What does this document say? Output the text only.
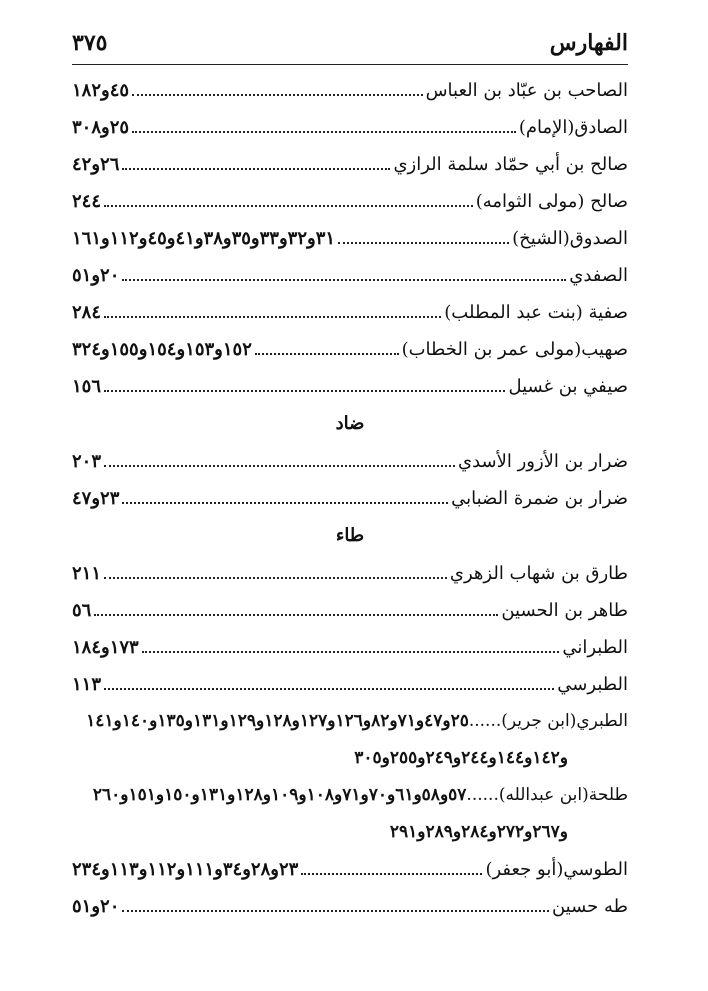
الفهارس
٣٧٥
الصاحب بن عبّاد بن العباس
٤٥و١٨٢
الصادق(الإمام)
٢٥و٣٠٨
صالح بن أبي حمّاد سلمة الرازي
٢٦و٤٢
صالح (مولى الثوامه)
٢٤٤
الصدوق(الشيخ)
٣١و٣٢و٣٣و٣٥و٣٨و٤١و٤٥و١١٢و١٦١
الصفدي
٢٠و٥١
صفية (بنت عبد المطلب)
٢٨٤
صهيب(مولى عمر بن الخطاب)
١٥٢و١٥٣و١٥٤و١٥٥و٣٢٤
صيفي بن غسيل
١٥٦
ضاد
ضرار بن الأزور الأسدي
٢٠٣
ضرار بن ضمرة الضبابي
٢٣و٤٧
طاء
طارق بن شهاب الزهري
٢١١
طاهر بن الحسين
٥٦
الطبراني
١٧٣و١٨٤
الطبرسي
١١٣
الطبري(ابن جرير)......٢٥و٤٧و٧١و٨٢و١٢٦و١٢٧و١٢٨و١٢٩و١٣١و١٣٥و١٤٠و١٤١
و١٤٢و١٤٤و٢٤٤و٢٤٩و٢٥٥و٣٠٥
طلحة(ابن عبدالله)......٥٧و٥٨و٦١و٧٠و٧١و١٠٨و١٠٩و١٢٨و١٣١و١٥٠و١٥١و٢٦٠
و٢٦٧و٢٧٢و٢٨٤و٢٨٩و٢٩١
الطوسي(أبو جعفر)
٢٣و٢٨و٣٤و١١١و١١٢و١١٣و٢٣٤
طه حسين
٢٠و٥١
